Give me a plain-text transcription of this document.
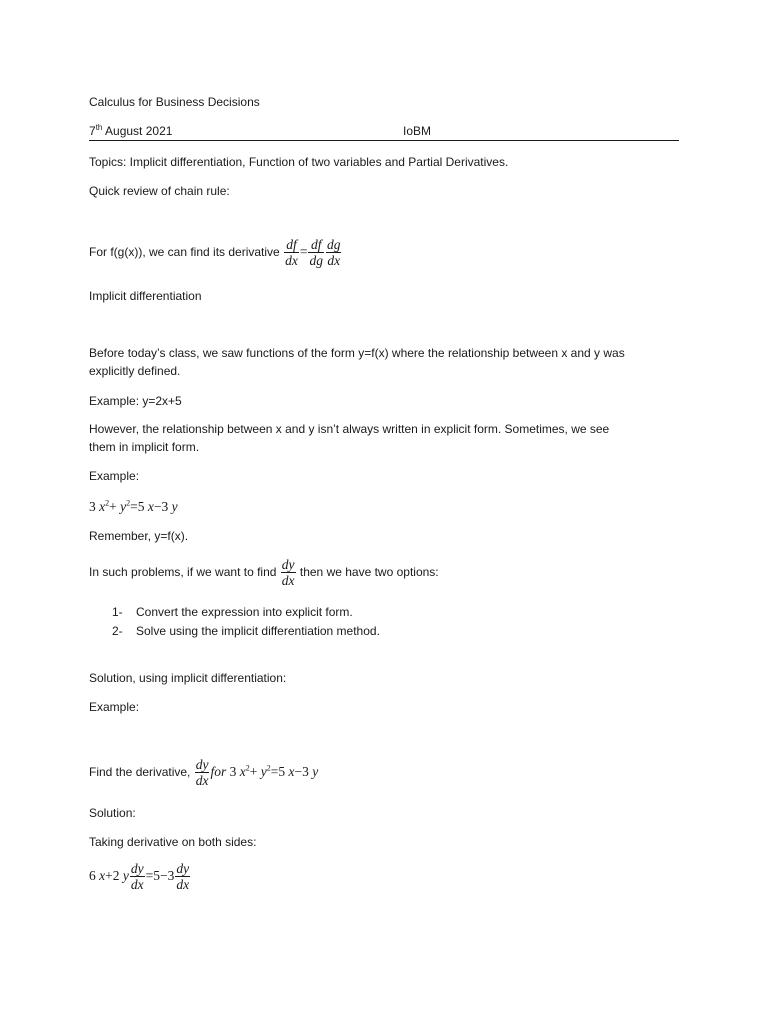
Calculus for Business Decisions
7th August 2021	IoBM
Topics: Implicit differentiation, Function of two variables and Partial Derivatives.
Quick review of chain rule:
For f(g(x)), we can find its derivative $\frac{df}{dx} = \frac{df}{dg} \frac{dg}{dx}$
Implicit differentiation
Before today’s class, we saw functions of the form y=f(x) where the relationship between x and y was
explicitly defined.
Example: y=2x+5
However, the relationship between x and y isn’t always written in explicit form. Sometimes, we see
them in implicit form.
Example:
3 $x^2+ y^2=5$ x−3 y
Remember, y=f(x).
In such problems, if we want to find $\frac{dy}{dx}$ then we have two options:
1- Convert the expression into explicit form.
2- Solve using the implicit differentiation method.
Solution, using implicit differentiation:
Example:
Find the derivative, $\frac{dy}{dx}$ for 3 $x^2+ y^2=5$ x−3 y
Solution:
Taking derivative on both sides:
6 x+2 y $\frac{dy}{dx} =5-3 \frac{dy}{dx}$
